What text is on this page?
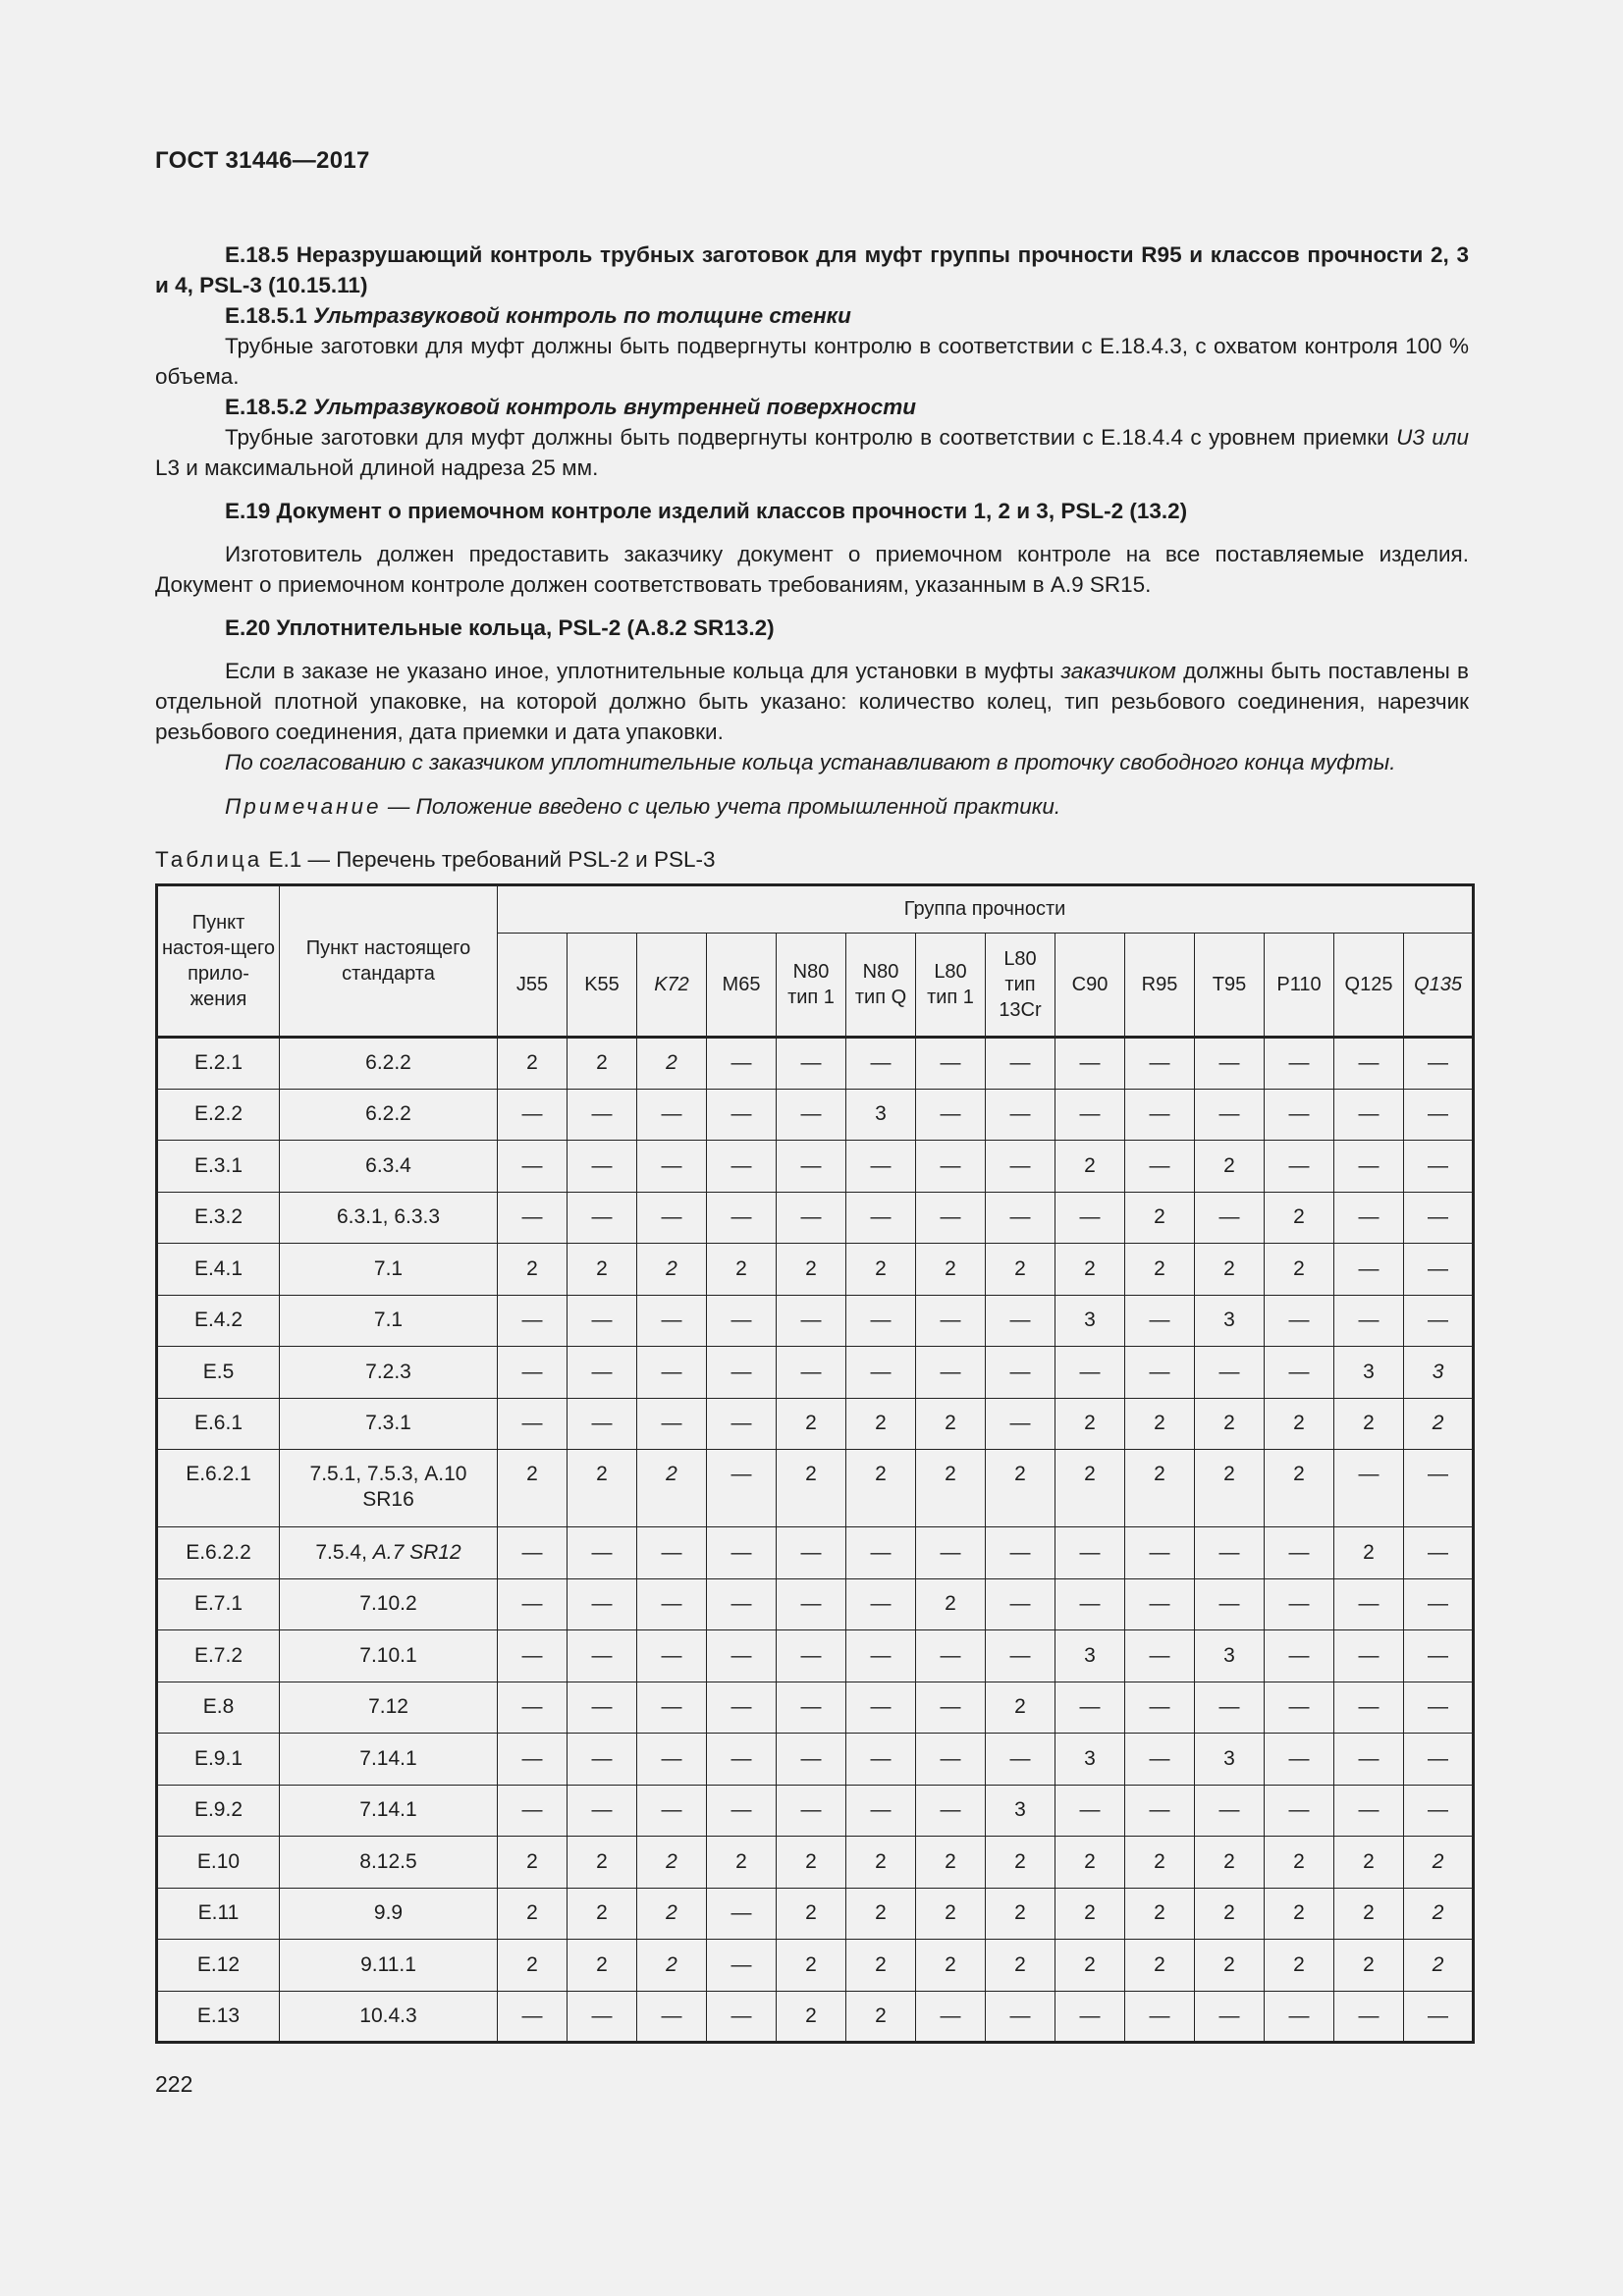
ГОСТ 31446—2017

Е.18.5 Неразрушающий контроль трубных заготовок для муфт группы прочности R95 и классов прочности 2, 3 и 4, PSL-3 (10.15.11)

Е.18.5.1 Ультразвуковой контроль по толщине стенки

Трубные заготовки для муфт должны быть подвергнуты контролю в соответствии с Е.18.4.3, с охватом контроля 100 % объема.

Е.18.5.2 Ультразвуковой контроль внутренней поверхности

Трубные заготовки для муфт должны быть подвергнуты контролю в соответствии с Е.18.4.4 с уровнем приемки U3 или L3 и максимальной длиной надреза 25 мм.

Е.19 Документ о приемочном контроле изделий классов прочности 1, 2 и 3, PSL-2 (13.2)

Изготовитель должен предоставить заказчику документ о приемочном контроле на все поставляемые изделия. Документ о приемочном контроле должен соответствовать требованиям, указанным в А.9 SR15.

Е.20 Уплотнительные кольца, PSL-2 (А.8.2 SR13.2)

Если в заказе не указано иное, уплотнительные кольца для установки в муфты заказчиком должны быть поставлены в отдельной плотной упаковке, на которой должно быть указано: количество колец, тип резьбового соединения, нарезчик резьбового соединения, дата приемки и дата упаковки.

По согласованию с заказчиком уплотнительные кольца устанавливают в проточку свободного конца муфты.

Примечание — Положение введено с целью учета промышленной практики.

Таблица Е.1 — Перечень требований PSL-2 и PSL-3

Пункт настоя-щего прило-жения	Пункт настоящего стандарта	Группа прочности													
		J55	K55	K72	M65	N80 тип 1	N80 тип Q	L80 тип 1	L80 тип 13Cr	C90	R95	T95	P110	Q125	Q135
Е.2.1	6.2.2	2	2	2	—	—	—	—	—	—	—	—	—	—	—
Е.2.2	6.2.2	—	—	—	—	—	3	—	—	—	—	—	—	—	—
Е.3.1	6.3.4	—	—	—	—	—	—	—	—	2	—	2	—	—	—
Е.3.2	6.3.1, 6.3.3	—	—	—	—	—	—	—	—	—	2	—	2	—	—
Е.4.1	7.1	2	2	2	2	2	2	2	2	2	2	2	2	—	—
Е.4.2	7.1	—	—	—	—	—	—	—	—	3	—	3	—	—	—
Е.5	7.2.3	—	—	—	—	—	—	—	—	—	—	—	—	3	3
Е.6.1	7.3.1	—	—	—	—	2	2	2	—	2	2	2	2	2	2
Е.6.2.1	7.5.1, 7.5.3, А.10 SR16	2	2	2	—	2	2	2	2	2	2	2	2	—	—
Е.6.2.2	7.5.4, А.7 SR12	—	—	—	—	—	—	—	—	—	—	—	—	2	—
Е.7.1	7.10.2	—	—	—	—	—	—	2	—	—	—	—	—	—	—
Е.7.2	7.10.1	—	—	—	—	—	—	—	—	3	—	3	—	—	—
Е.8	7.12	—	—	—	—	—	—	—	2	—	—	—	—	—	—
Е.9.1	7.14.1	—	—	—	—	—	—	—	—	3	—	3	—	—	—
Е.9.2	7.14.1	—	—	—	—	—	—	—	3	—	—	—	—	—	—
Е.10	8.12.5	2	2	2	2	2	2	2	2	2	2	2	2	2	2
Е.11	9.9	2	2	2	—	2	2	2	2	2	2	2	2	2	2
Е.12	9.11.1	2	2	2	—	2	2	2	2	2	2	2	2	2	2
Е.13	10.4.3	—	—	—	—	2	2	—	—	—	—	—	—	—	—
222
